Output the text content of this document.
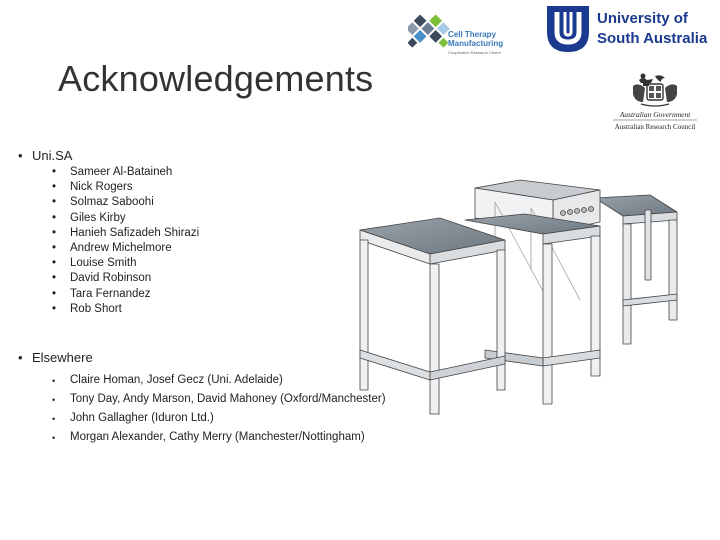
Acknowledgements
Cell Therapy
Manufacturing
Cooperative Research Centre
University of
South Australia
Australian Government
Australian Research Council
• Uni.SA
• Sameer Al-Bataineh
• Nick Rogers
• Solmaz Saboohi
• Giles Kirby
• Hanieh Safizadeh Shirazi
• Andrew Michelmore
• Louise Smith
• David Robinson
• Tara Fernandez
• Rob Short
• Elsewhere
• Claire Homan, Josef Gecz (Uni. Adelaide)
• Tony Day, Andy Marson, David Mahoney (Oxford/Manchester)
• John Gallagher (Iduron Ltd.)
• Morgan Alexander, Cathy Merry (Manchester/Nottingham)
